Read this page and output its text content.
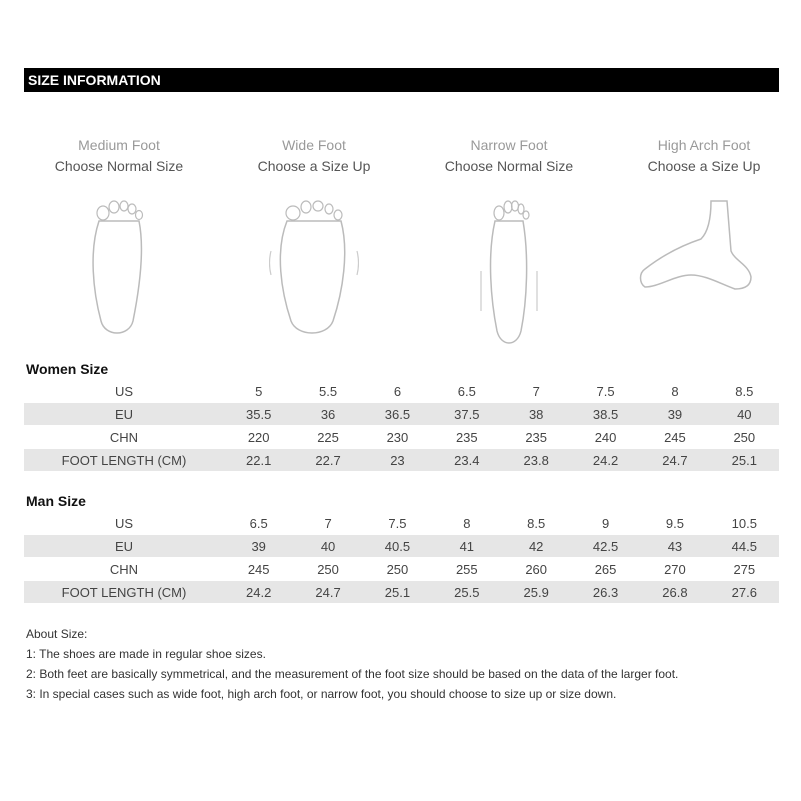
SIZE INFORMATION
Medium Foot
Choose Normal Size
Wide Foot
Choose a Size Up
Narrow Foot
Choose Normal Size
High Arch Foot
Choose a Size Up
Women Size
US	5	5.5	6	6.5	7	7.5	8	8.5
EU	35.5	36	36.5	37.5	38	38.5	39	40
CHN	220	225	230	235	235	240	245	250
FOOT LENGTH (CM)	22.1	22.7	23	23.4	23.8	24.2	24.7	25.1
Man Size
US	6.5	7	7.5	8	8.5	9	9.5	10.5
EU	39	40	40.5	41	42	42.5	43	44.5
CHN	245	250	250	255	260	265	270	275
FOOT LENGTH (CM)	24.2	24.7	25.1	25.5	25.9	26.3	26.8	27.6
About Size:
1: The shoes are made in regular shoe sizes.
2: Both feet are basically symmetrical, and the measurement of the foot size should be based on the data of the larger foot.
3: In special cases such as wide foot, high arch foot, or narrow foot, you should choose to size up or size down.
